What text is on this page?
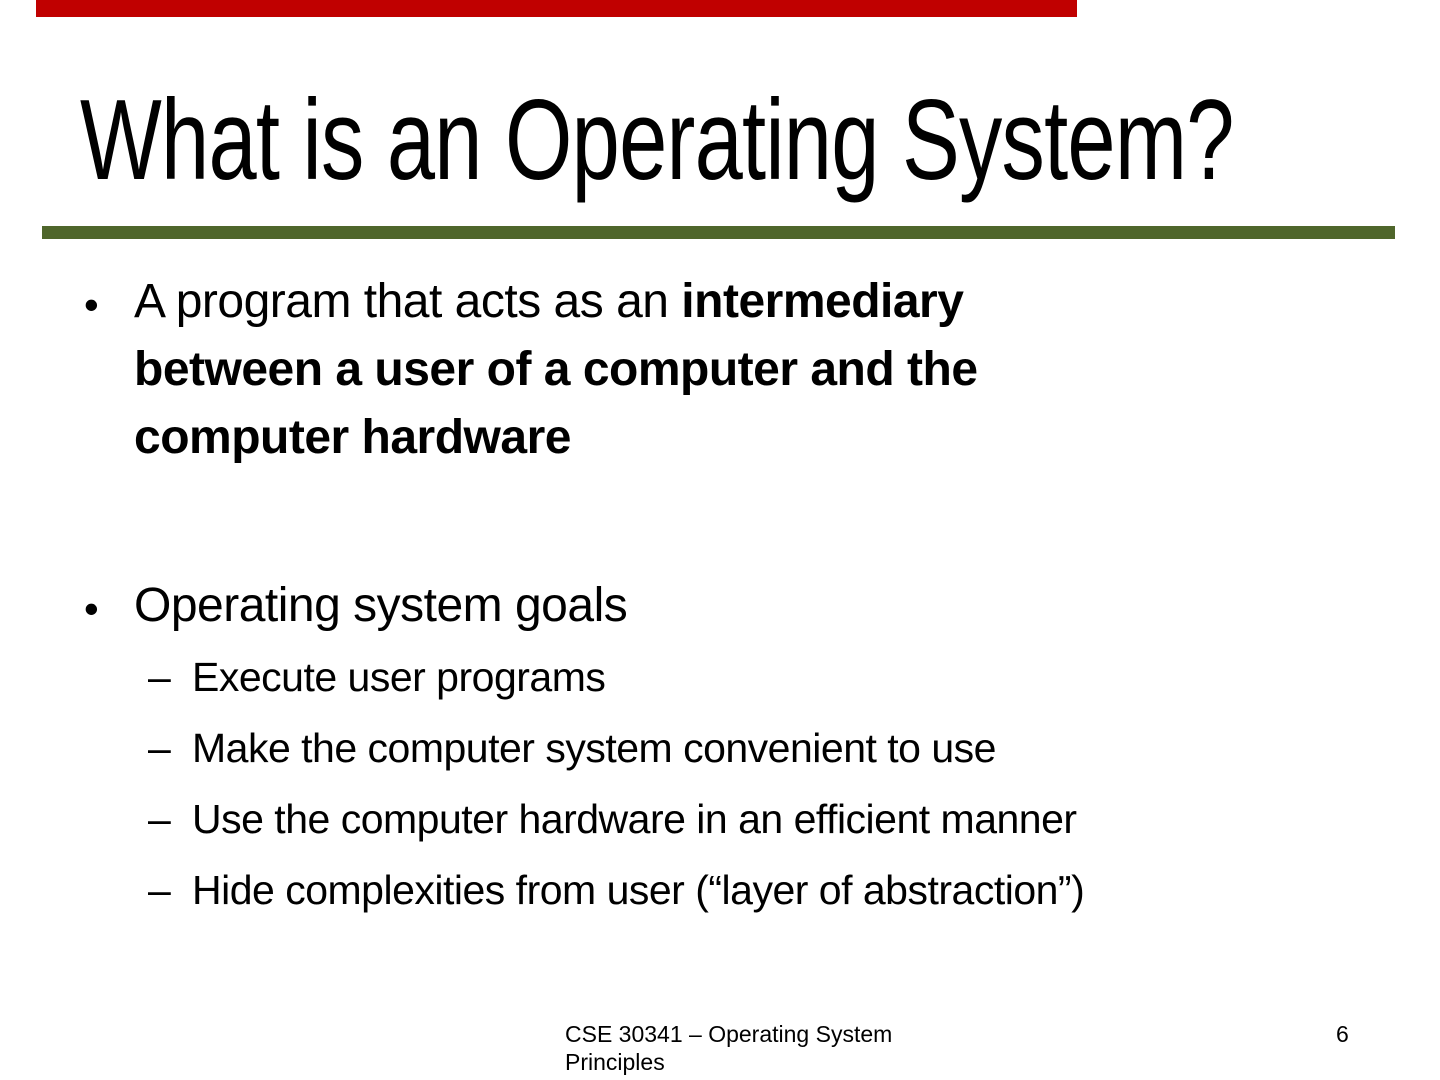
What is an Operating System?
• A program that acts as an intermediary
between a user of a computer and the
computer hardware
• Operating system goals
– Execute user programs
– Make the computer system convenient to use
– Use the computer hardware in an efficient manner
– Hide complexities from user (“layer of abstraction”)
CSE 30341 – Operating System
Principles
6
